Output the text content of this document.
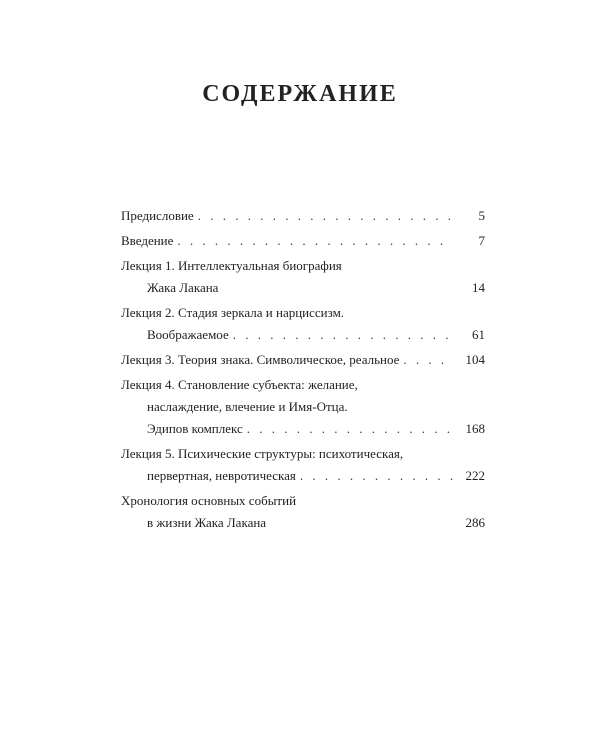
СОДЕРЖАНИЕ
Предисловие . . .	5
Введение . . .	7
Лекция 1. Интеллектуальная биография
Жака Лакана	14
Лекция 2. Стадия зеркала и нарциссизм.
Воображаемое . . .	61
Лекция 3. Теория знака. Символическое, реальное . . .	104
Лекция 4. Становление субъекта: желание,
наслаждение, влечение и Имя-Отца.
Эдипов комплекс . . .	168
Лекция 5. Психические структуры: психотическая,
первертная, невротическая . . .	222
Хронология основных событий
в жизни Жака Лакана	286
